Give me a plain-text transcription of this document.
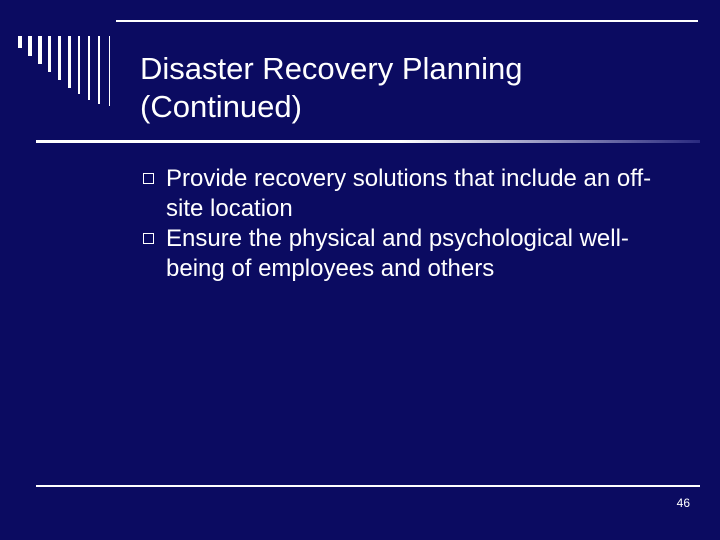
Disaster Recovery Planning
(Continued)
Provide recovery solutions that include an off-site location
Ensure the physical and psychological well-being of employees and others
46
